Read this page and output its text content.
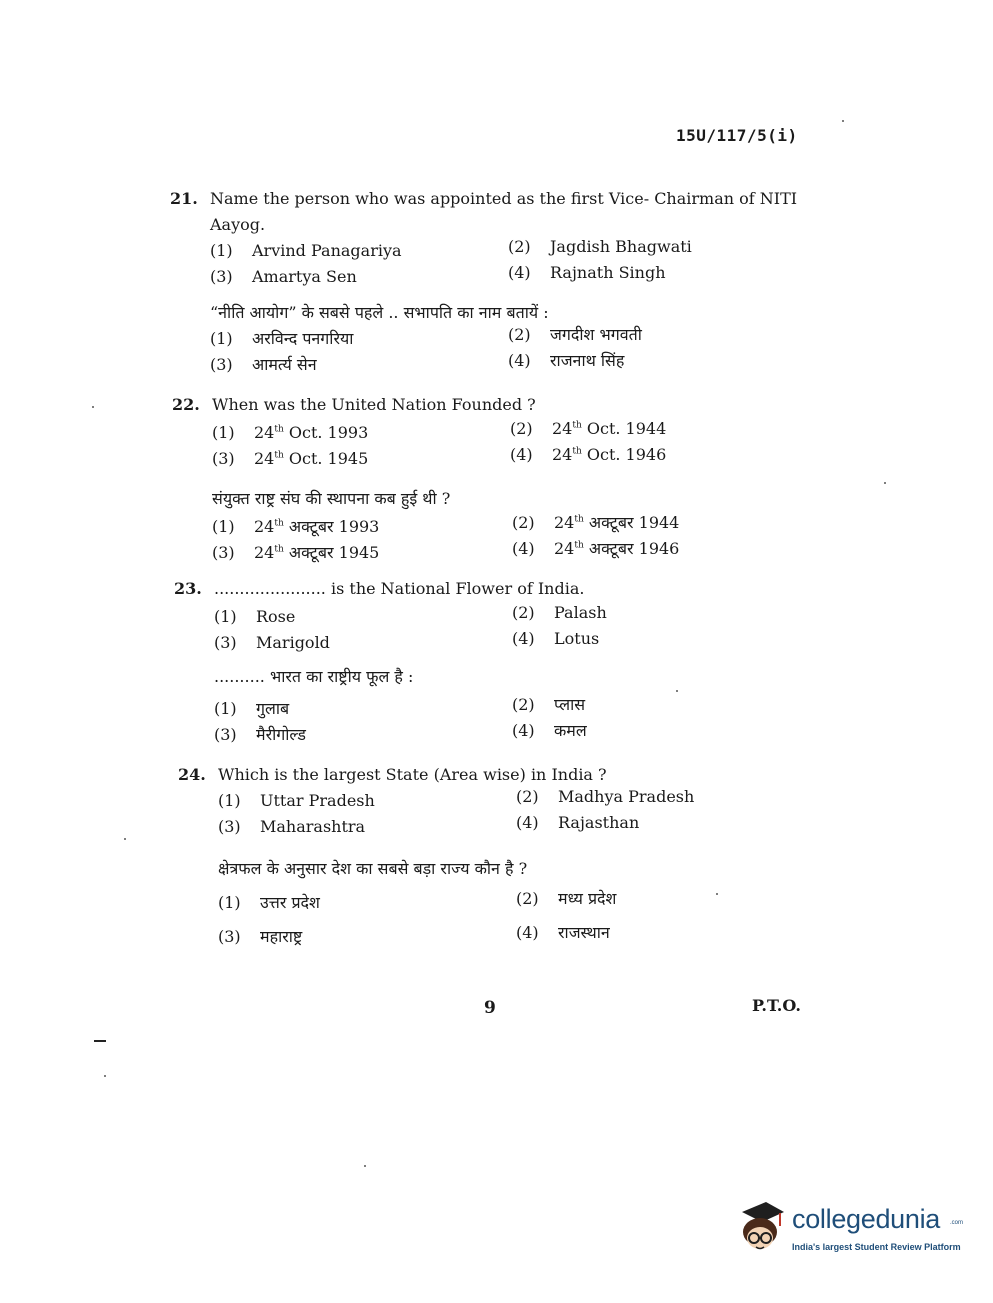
15U/117/5(i)
21. Name the person who was appointed as the first Vice- Chairman of NITI Aayog.
(1) Arvind Panagariya	(2) Jagdish Bhagwati
(3) Amartya Sen	(4) Rajnath Singh
“नीति आयोग” के सबसे पहले .. सभापति का नाम बतायें :
(1) अरविन्द पनगरिया	(2) जगदीश भगवती
(3) आमर्त्य सेन	(4) राजनाथ सिंह
22. When was the United Nation Founded ?
(1) 24th Oct. 1993	(2) 24th Oct. 1944
(3) 24th Oct. 1945	(4) 24th Oct. 1946
संयुक्त राष्ट्र संघ की स्थापना कब हुई थी ?
(1) 24th अक्टूबर 1993	(2) 24th अक्टूबर 1944
(3) 24th अक्टूबर 1945	(4) 24th अक्टूबर 1946
23. ...................... is the National Flower of India.
(1) Rose	(2) Palash
(3) Marigold	(4) Lotus
.......... भारत का राष्ट्रीय फूल है :
(1) गुलाब	(2) प्लास
(3) मैरीगोल्ड	(4) कमल
24. Which is the largest State (Area wise) in India ?
(1) Uttar Pradesh	(2) Madhya Pradesh
(3) Maharashtra	(4) Rajasthan
क्षेत्रफल के अनुसार देश का सबसे बड़ा राज्य कौन है ?
(1) उत्तर प्रदेश	(2) मध्य प्रदेश
(3) महाराष्ट्र	(4) राजस्थान
9	P.T.O.
collegedunia .com
India's largest Student Review Platform
